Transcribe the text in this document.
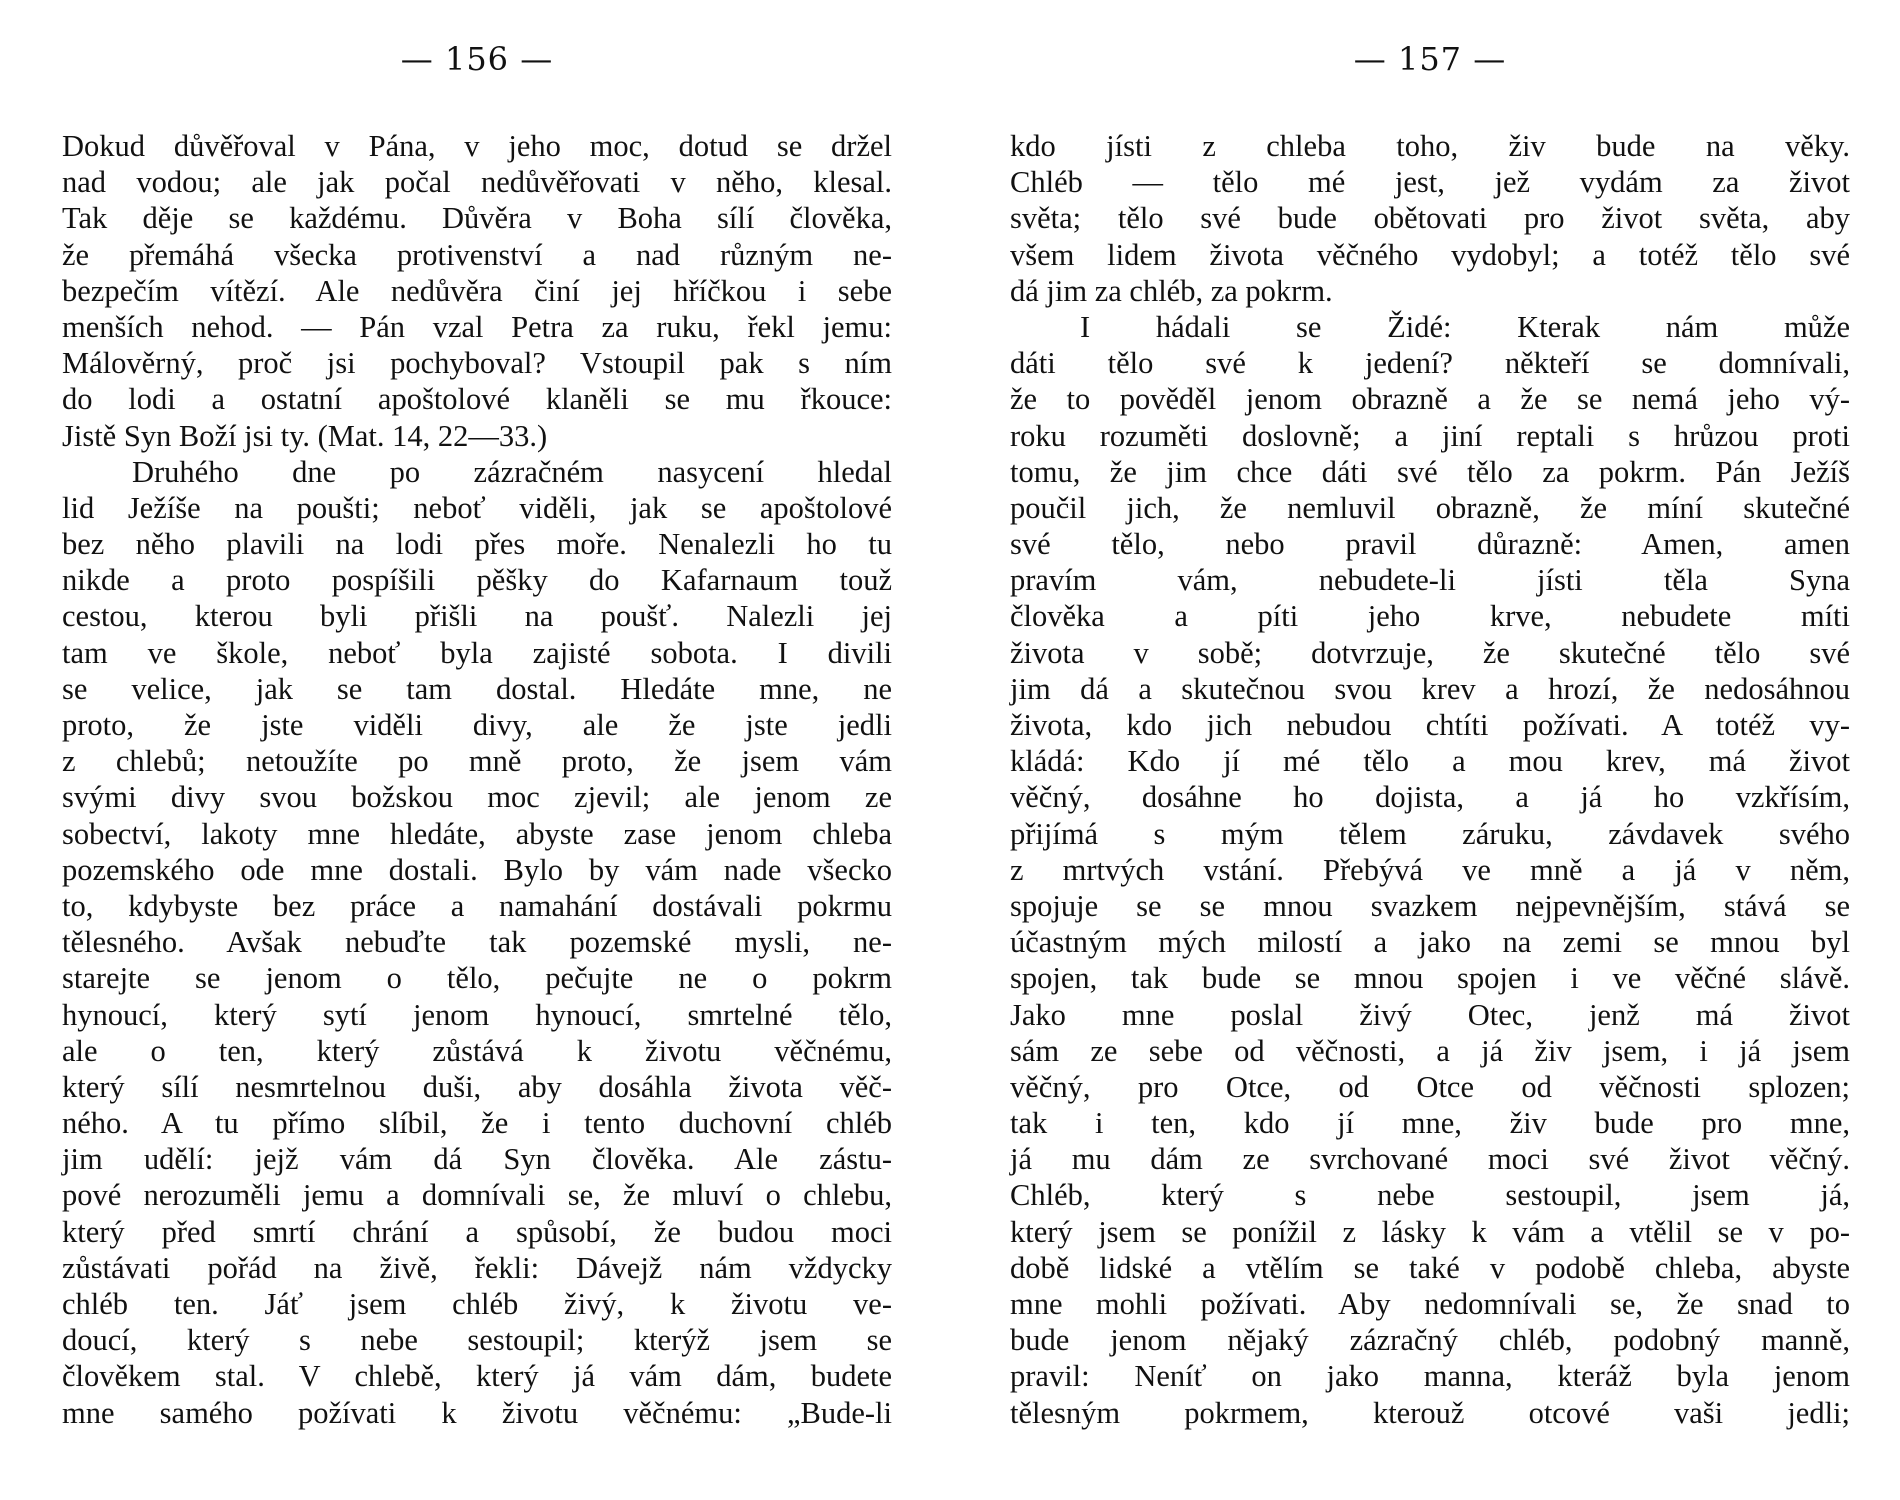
— 156 —
Dokud důvěřoval v Pána, v jeho moc, dotud se držel
nad vodou; ale jak počal nedůvěřovati v něho, klesal.
Tak děje se každému. Důvěra v Boha sílí člověka,
že přemáhá všecka protivenství a nad různým ne-
bezpečím vítězí. Ale nedůvěra činí jej hříčkou i sebe
menších nehod. — Pán vzal Petra za ruku, řekl jemu:
Málověrný, proč jsi pochyboval? Vstoupil pak s ním
do lodi a ostatní apoštolové klaněli se mu řkouce:
Jistě Syn Boží jsi ty. (Mat. 14, 22—33.)
Druhého dne po zázračném nasycení hledal
lid Ježíše na poušti; neboť viděli, jak se apoštolové
bez něho plavili na lodi přes moře. Nenalezli ho tu
nikde a proto pospíšili pěšky do Kafarnaum touž
cestou, kterou byli přišli na poušť. Nalezli jej
tam ve škole, neboť byla zajisté sobota. I divili
se velice, jak se tam dostal. Hledáte mne, ne
proto, že jste viděli divy, ale že jste jedli
z chlebů; netoužíte po mně proto, že jsem vám
svými divy svou božskou moc zjevil; ale jenom ze
sobectví, lakoty mne hledáte, abyste zase jenom chleba
pozemského ode mne dostali. Bylo by vám nade všecko
to, kdybyste bez práce a namahání dostávali pokrmu
tělesného. Avšak nebuďte tak pozemské mysli, ne-
starejte se jenom o tělo, pečujte ne o pokrm
hynoucí, který sytí jenom hynoucí, smrtelné tělo,
ale o ten, který zůstává k životu věčnému,
který sílí nesmrtelnou duši, aby dosáhla života věč-
ného. A tu přímo slíbil, že i tento duchovní chléb
jim udělí: jejž vám dá Syn člověka. Ale zástu-
pové nerozuměli jemu a domnívali se, že mluví o chlebu,
který před smrtí chrání a spůsobí, že budou moci
zůstávati pořád na živě, řekli: Dávejž nám vždycky
chléb ten. Jáť jsem chléb živý, k životu ve-
doucí, který s nebe sestoupil; kterýž jsem se
člověkem stal. V chlebě, který já vám dám, budete
mne samého požívati k životu věčnému: „Bude-li
— 157 —
kdo jísti z chleba toho, živ bude na věky.
Chléb — tělo mé jest, jež vydám za život
světa; tělo své bude obětovati pro život světa, aby
všem lidem života věčného vydobyl; a totéž tělo své
dá jim za chléb, za pokrm.
I hádali se Židé: Kterak nám může
dáti tělo své k jedení? někteří se domnívali,
že to pověděl jenom obrazně a že se nemá jeho vý-
roku rozuměti doslovně; a jiní reptali s hrůzou proti
tomu, že jim chce dáti své tělo za pokrm. Pán Ježíš
poučil jich, že nemluvil obrazně, že míní skutečné
své tělo, nebo pravil důrazně: Amen, amen
pravím vám, nebudete-li jísti těla Syna
člověka a píti jeho krve, nebudete míti
života v sobě; dotvrzuje, že skutečné tělo své
jim dá a skutečnou svou krev a hrozí, že nedosáhnou
života, kdo jich nebudou chtíti požívati. A totéž vy-
kládá: Kdo jí mé tělo a mou krev, má život
věčný, dosáhne ho dojista, a já ho vzkřísím,
přijímá s mým tělem záruku, závdavek svého
z mrtvých vstání. Přebývá ve mně a já v něm,
spojuje se se mnou svazkem nejpevnějším, stává se
účastným mých milostí a jako na zemi se mnou byl
spojen, tak bude se mnou spojen i ve věčné slávě.
Jako mne poslal živý Otec, jenž má život
sám ze sebe od věčnosti, a já živ jsem, i já jsem
věčný, pro Otce, od Otce od věčnosti splozen;
tak i ten, kdo jí mne, živ bude pro mne,
já mu dám ze svrchované moci své život věčný.
Chléb, který s nebe sestoupil, jsem já,
který jsem se ponížil z lásky k vám a vtělil se v po-
době lidské a vtělím se také v podobě chleba, abyste
mne mohli požívati. Aby nedomnívali se, že snad to
bude jenom nějaký zázračný chléb, podobný manně,
pravil: Neníť on jako manna, kteráž byla jenom
tělesným pokrmem, kterouž otcové vaši jedli;
